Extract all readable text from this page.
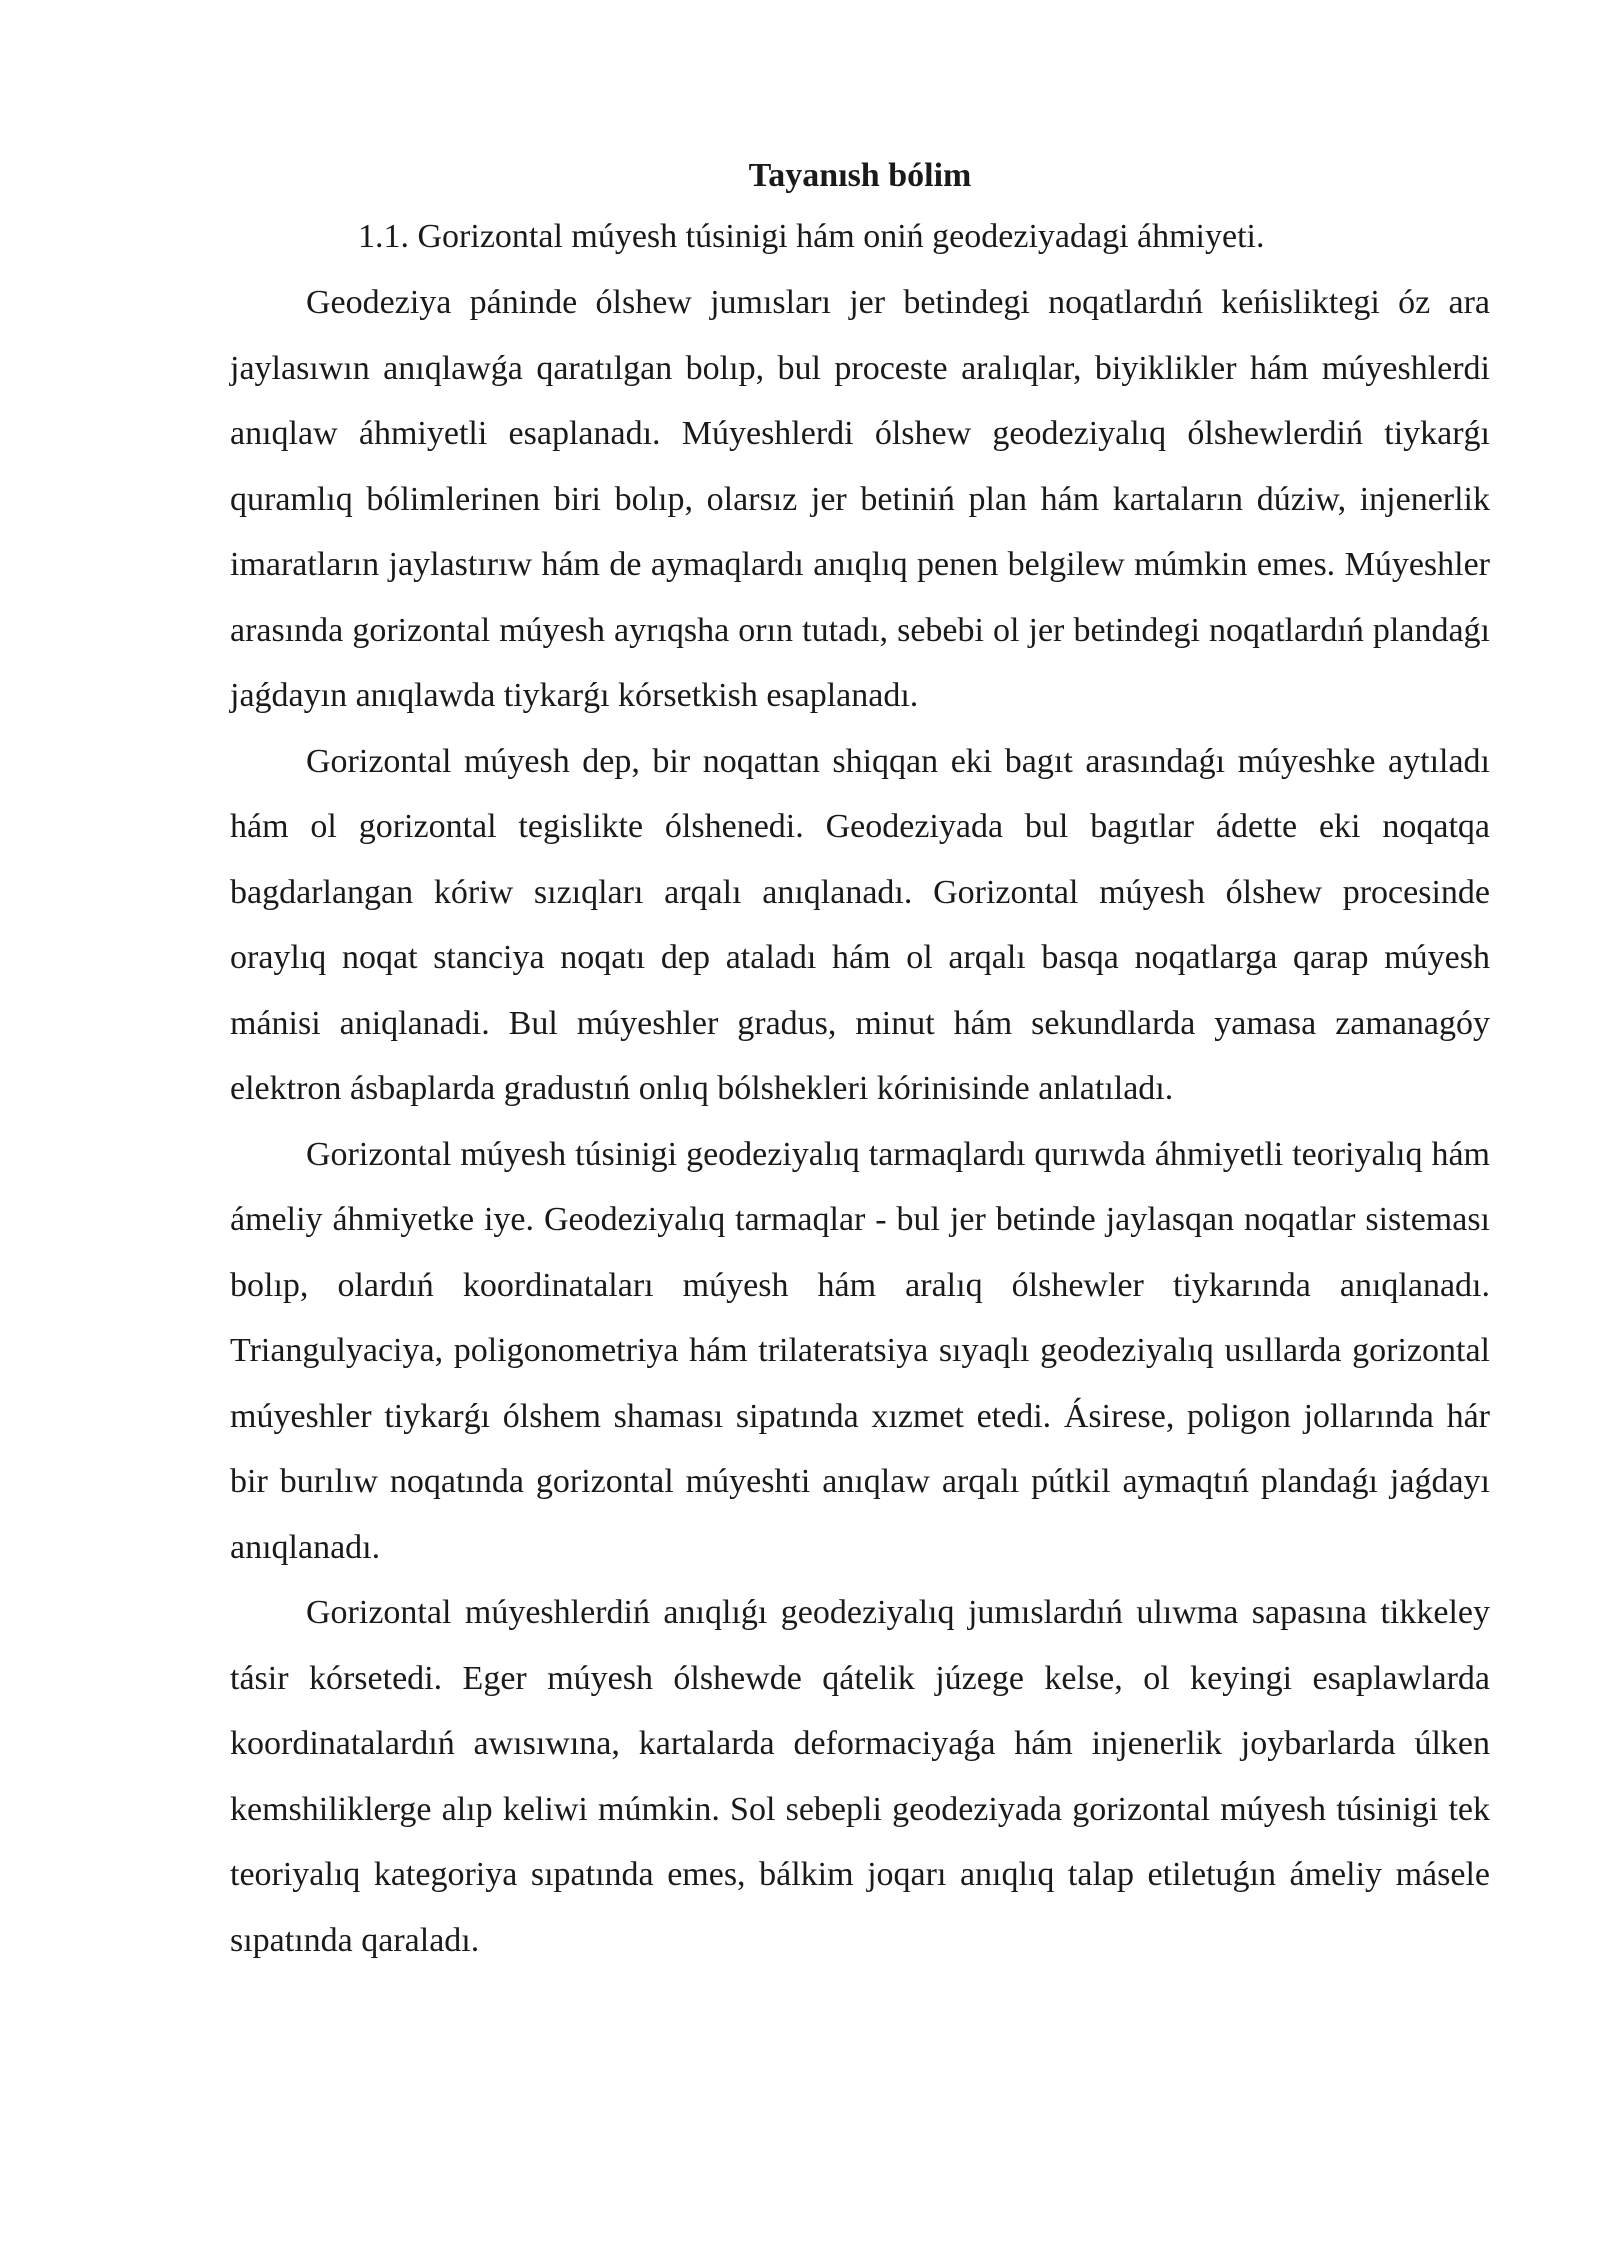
Tayanısh bólim

1.1. Gorizontal múyesh túsinigi hám oniń geodeziyadagi áhmiyeti.

Geodeziya páninde ólshew jumısları jer betindegi noqatlardıń keńisliktegi óz ara jaylasıwın anıqlawǵa qaratılgan bolıp, bul proceste aralıqlar, biyiklikler hám múyeshlerdi anıqlaw áhmiyetli esaplanadı. Múyeshlerdi ólshew geodeziyalıq ólshewlerdiń tiykarǵı quramlıq bólimlerinen biri bolıp, olarsız jer betiniń plan hám kartaların dúziw, injenerlik imaratların jaylastırıw hám de aymaqlardı anıqlıq penen belgilew múmkin emes. Múyeshler arasında gorizontal múyesh ayrıqsha orın tutadı, sebebi ol jer betindegi noqatlardıń plandaǵı jaǵdayın anıqlawda tiykarǵı kórsetkish esaplanadı.

Gorizontal múyesh dep, bir noqattan shiqqan eki bagıt arasındaǵı múyeshke aytıladı hám ol gorizontal tegislikte ólshenedi. Geodeziyada bul bagıtlar ádette eki noqatqa bagdarlangan kóriw sızıqları arqalı anıqlanadı. Gorizontal múyesh ólshew procesinde oraylıq noqat stanciya noqatı dep ataladı hám ol arqalı basqa noqatlarga qarap múyesh mánisi aniqlanadi. Bul múyeshler gradus, minut hám sekundlarda yamasa zamanagóy elektron ásbaplarda gradustıń onlıq bólshekleri kórinisinde anlatıladı.

Gorizontal múyesh túsinigi geodeziyalıq tarmaqlardı qurıwda áhmiyetli teoriyalıq hám ámeliy áhmiyetke iye. Geodeziyalıq tarmaqlar - bul jer betinde jaylasqan noqatlar sisteması bolıp, olardıń koordinataları múyesh hám aralıq ólshewler tiykarında anıqlanadı. Triangulyaciya, poligonometriya hám trilateratsiya sıyaqlı geodeziyalıq usıllarda gorizontal múyeshler tiykarǵı ólshem shaması sipatında xızmet etedi. Ásirese, poligon jollarında hár bir burılıw noqatında gorizontal múyeshti anıqlaw arqalı pútkil aymaqtıń plandaǵı jaǵdayı anıqlanadı.

Gorizontal múyeshlerdiń anıqlıǵı geodeziyalıq jumıslardıń ulıwma sapasına tikkeley tásir kórsetedi. Eger múyesh ólshewde qátelik júzege kelse, ol keyingi esaplawlarda koordinatalardıń awısıwına, kartalarda deformaciyaǵa hám injenerlik joybarlarda úlken kemshiliklerge alıp keliwi múmkin. Sol sebepli geodeziyada gorizontal múyesh túsinigi tek teoriyalıq kategoriya sıpatında emes, bálkim joqarı anıqlıq talap etiletuǵın ámeliy másele sıpatında qaraladı.
